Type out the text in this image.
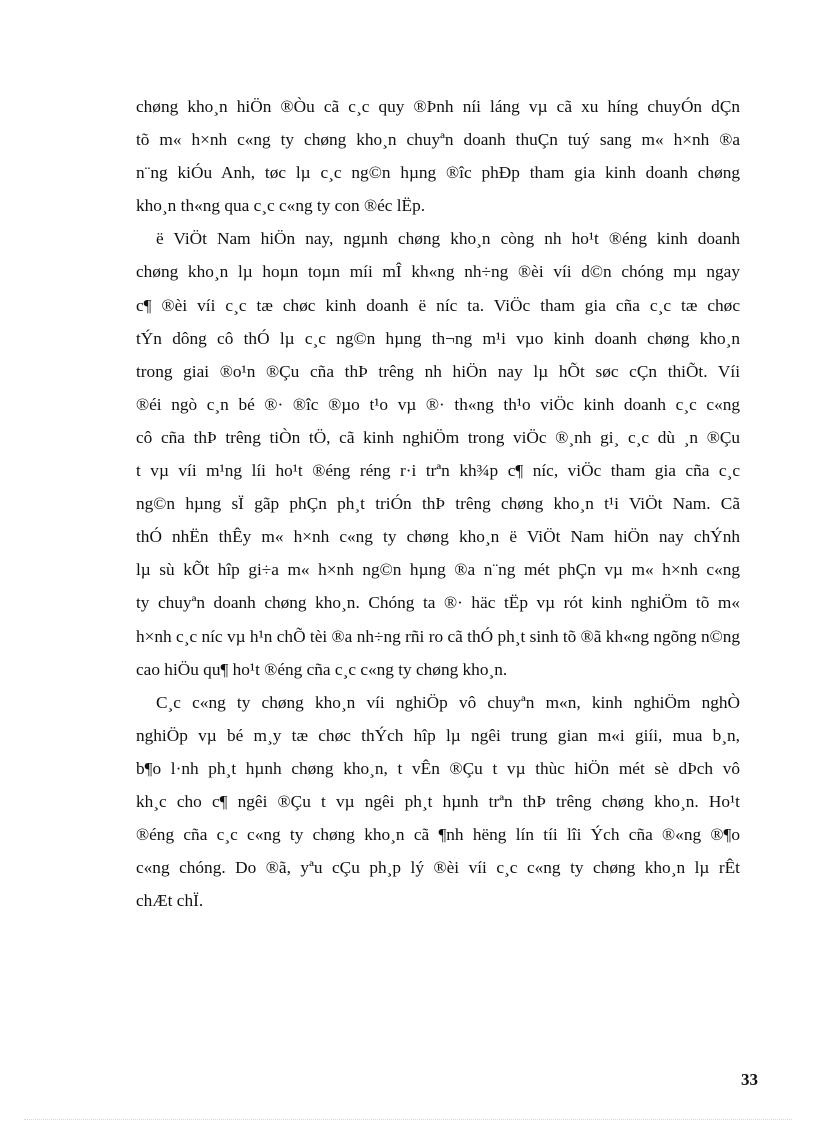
chøng kho¸n hiÖn ®Òu cã c¸c quy ®Þnh níi láng vµ cã xu híng chuyÓn dÇn
tõ m« h×nh c«ng ty chøng kho¸n chuyªn doanh thuÇn tuý sang m« h×nh ®a
n¨ng kiÓu Anh, tøc lµ c¸c ng©n hµng ®îc phÐp tham gia kinh doanh chøng
kho¸n th«ng qua c¸c c«ng ty con ®éc lËp.
ë ViÖt Nam hiÖn nay, ngµnh chøng kho¸n còng nh ho¹t ®éng kinh doanh
chøng kho¸n lµ hoµn toµn míi mÎ kh«ng nh÷ng ®èi víi d©n chóng mµ ngay
c¶ ®èi víi c¸c tæ chøc kinh doanh ë níc ta. ViÖc tham gia cña c¸c tæ chøc
tÝn dông cô thÓ lµ c¸c ng©n hµng th¬ng m¹i vµo kinh doanh chøng kho¸n
trong giai ®o¹n ®Çu cña thÞ trêng nh hiÖn nay lµ hÕt søc cÇn thiÕt. Víi
®éi ngò c¸n bé ®· ®îc ®µo t¹o vµ ®· th«ng th¹o viÖc kinh doanh c¸c c«ng
cô cña thÞ trêng tiÒn tÖ, cã kinh nghiÖm trong viÖc ®¸nh gi¸ c¸c dù ¸n ®Çu
t vµ víi m¹ng líi ho¹t ®éng réng r·i trªn kh¾p c¶ níc, viÖc tham gia cña c¸c
ng©n hµng sÏ gãp phÇn ph¸t triÓn thÞ trêng chøng kho¸n t¹i ViÖt Nam. Cã
thÓ nhËn thÊy m« h×nh c«ng ty chøng kho¸n ë ViÖt Nam hiÖn nay chÝnh
lµ sù kÕt hîp gi÷a m« h×nh ng©n hµng ®a n¨ng mét phÇn vµ m« h×nh c«ng
ty chuyªn doanh chøng kho¸n. Chóng ta ®· häc tËp vµ rót kinh nghiÖm tõ m«
h×nh c¸c níc vµ h¹n chÕ tèi ®a nh÷ng rñi ro cã thÓ ph¸t sinh tõ ®ã kh«ng ngõng n©ng
cao hiÖu qu¶ ho¹t ®éng cña c¸c c«ng ty chøng kho¸n.
C¸c c«ng ty chøng kho¸n víi nghiÖp vô chuyªn m«n, kinh nghiÖm nghÒ
nghiÖp vµ bé m¸y tæ chøc thÝch hîp lµ ngêi trung gian m«i giíi, mua b¸n,
b¶o l·nh ph¸t hµnh chøng kho¸n, t vÊn ®Çu t vµ thùc hiÖn mét sè dÞch vô
kh¸c cho c¶ ngêi ®Çu t vµ ngêi ph¸t hµnh trªn thÞ trêng chøng kho¸n. Ho¹t
®éng cña c¸c c«ng ty chøng kho¸n cã ¶nh hëng lín tíi lîi Ých cña ®«ng ®¶o
c«ng chóng. Do ®ã, yªu cÇu ph¸p lý ®èi víi c¸c c«ng ty chøng kho¸n lµ rÊt
chÆt chÏ.
33
